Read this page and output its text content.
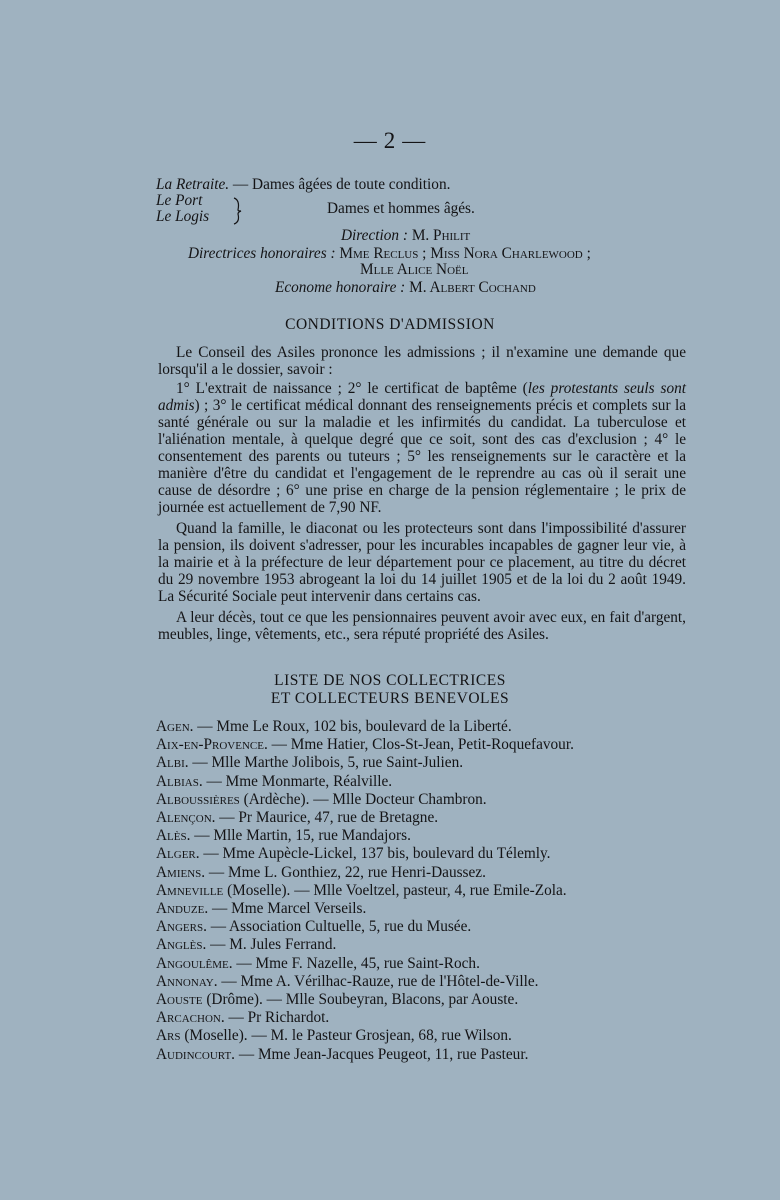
— 2 —
La Retraite. — Dames âgées de toute condition.
Le Port
Le Logis	Dames et hommes âgés.
Direction : M. Philit
Directrices honoraires : Mme Reclus ; Miss Nora Charlewood ;
Mlle Alice Noël
Econome honoraire : M. Albert Cochand
CONDITIONS D'ADMISSION

Le Conseil des Asiles prononce les admissions ; il n'examine une demande que lorsqu'il a le dossier, savoir :

1° L'extrait de naissance ; 2° le certificat de baptême (les protestants seuls sont admis) ; 3° le certificat médical donnant des renseignements précis et complets sur la santé générale ou sur la maladie et les infirmités du candidat. La tuberculose et l'aliénation mentale, à quelque degré que ce soit, sont des cas d'exclusion ; 4° le consentement des parents ou tuteurs ; 5° les renseignements sur le caractère et la manière d'être du candidat et l'engagement de le reprendre au cas où il serait une cause de désordre ; 6° une prise en charge de la pension réglementaire ; le prix de journée est actuellement de 7,90 NF.

Quand la famille, le diaconat ou les protecteurs sont dans l'impossibilité d'assurer la pension, ils doivent s'adresser, pour les incurables incapables de gagner leur vie, à la mairie et à la préfecture de leur département pour ce placement, au titre du décret du 29 novembre 1953 abrogeant la loi du 14 juillet 1905 et de la loi du 2 août 1949. La Sécurité Sociale peut intervenir dans certains cas.

A leur décès, tout ce que les pensionnaires peuvent avoir avec eux, en fait d'argent, meubles, linge, vêtements, etc., sera réputé propriété des Asiles.

LISTE DE NOS COLLECTRICES
ET COLLECTEURS BENEVOLES
Agen. — Mme Le Roux, 102 bis, boulevard de la Liberté.
Aix-en-Provence. — Mme Hatier, Clos-St-Jean, Petit-Roquefavour.
Albi. — Mlle Marthe Jolibois, 5, rue Saint-Julien.
Albias. — Mme Monmarte, Réalville.
Alboussières (Ardèche). — Mlle Docteur Chambron.
Alençon. — Pr Maurice, 47, rue de Bretagne.
Alès. — Mlle Martin, 15, rue Mandajors.
Alger. — Mme Aupècle-Lickel, 137 bis, boulevard du Télemly.
Amiens. — Mme L. Gonthiez, 22, rue Henri-Daussez.
Amneville (Moselle). — Mlle Voeltzel, pasteur, 4, rue Emile-Zola.
Anduze. — Mme Marcel Verseils.
Angers. — Association Cultuelle, 5, rue du Musée.
Anglès. — M. Jules Ferrand.
Angoulême. — Mme F. Nazelle, 45, rue Saint-Roch.
Annonay. — Mme A. Vérilhac-Rauze, rue de l'Hôtel-de-Ville.
Aouste (Drôme). — Mlle Soubeyran, Blacons, par Aouste.
Arcachon. — Pr Richardot.
Ars (Moselle). — M. le Pasteur Grosjean, 68, rue Wilson.
Audincourt. — Mme Jean-Jacques Peugeot, 11, rue Pasteur.
